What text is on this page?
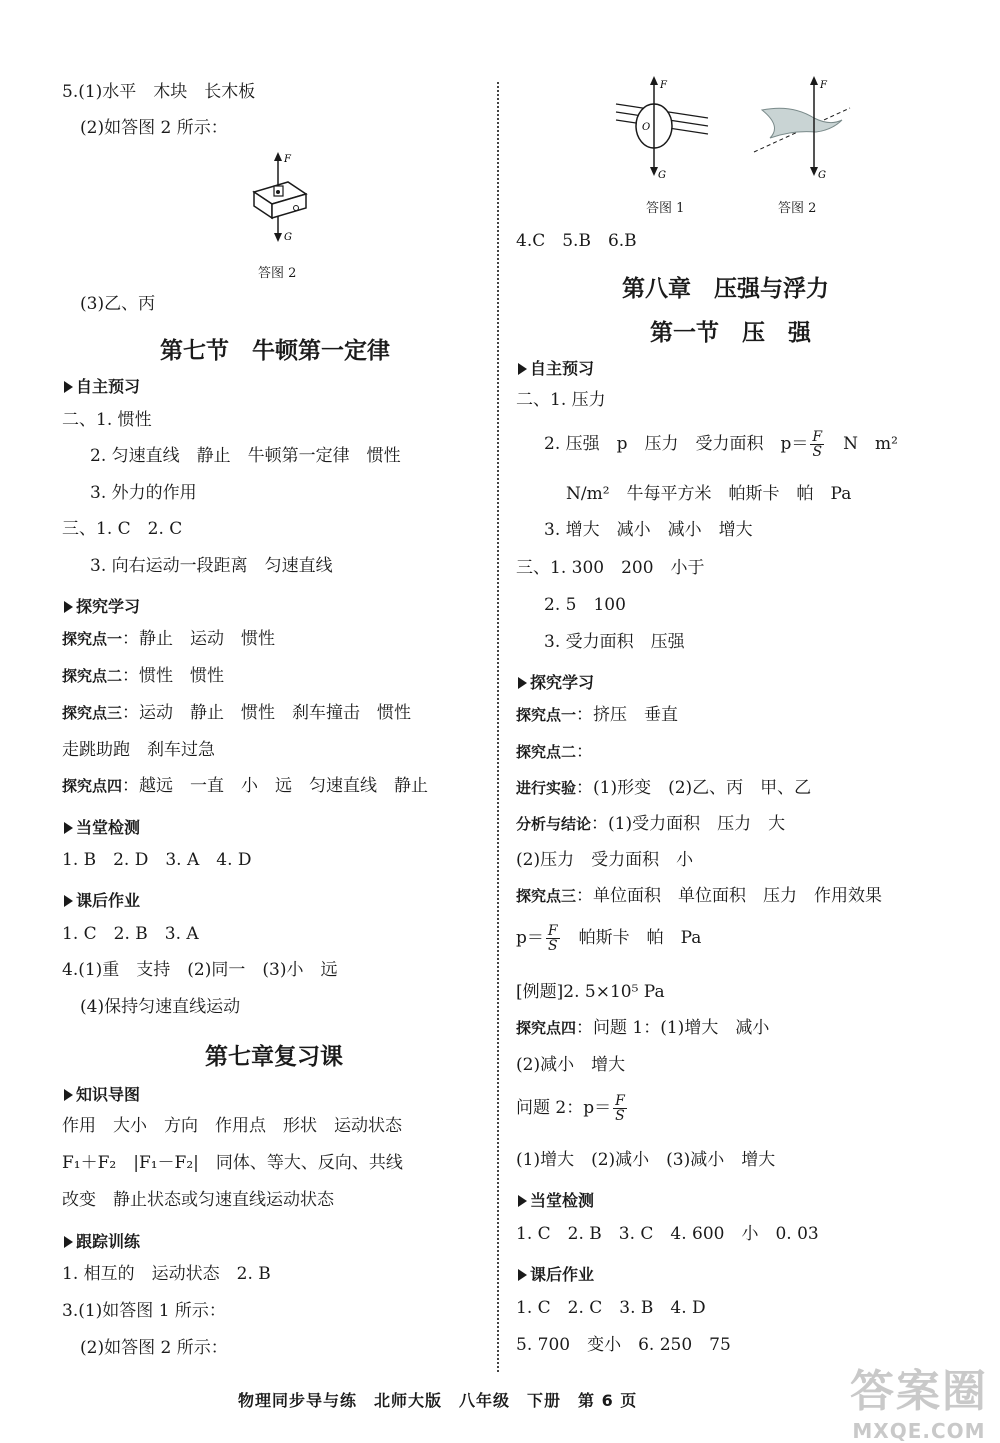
5.(1)水平　木块　长木板
(2)如答图 2 所示：
F
G
答图 2
(3)乙、丙
第七节　牛顿第一定律
自主预习
二、1. 惯性
2. 匀速直线　静止　牛顿第一定律　惯性
3. 外力的作用
三、1. C　2. C
3. 向右运动一段距离　匀速直线
探究学习
探究点一：静止　运动　惯性
探究点二：惯性　惯性
探究点三：运动　静止　惯性　刹车撞击　惯性
走跳助跑　刹车过急
探究点四：越远　一直　小　远　匀速直线　静止
当堂检测
1. B　2. D　3. A　4. D
课后作业
1. C　2. B　3. A
4.(1)重　支持　(2)同一　(3)小　远
(4)保持匀速直线运动
第七章复习课
知识导图
作用　大小　方向　作用点　形状　运动状态
F₁＋F₂　|F₁－F₂|　同体、等大、反向、共线
改变　静止状态或匀速直线运动状态
跟踪训练
1. 相互的　运动状态　2. B
3.(1)如答图 1 所示：
(2)如答图 2 所示：
F
O
G
F
G
答图 1	答图 2
4.C　5.B　6.B
第八章　压强与浮力
第一节　压　强
自主预习
二、1. 压力
2. 压强　p　压力　受力面积　$p= \frac{F}{S}$ 　N　m²
N/m²　牛每平方米　帕斯卡　帕　Pa
3. 增大　减小　减小　增大
三、1. 300　200　小于
2. 5　100
3. 受力面积　压强
探究学习
探究点一：挤压　垂直
探究点二：
进行实验：(1)形变　(2)乙、丙　甲、乙
分析与结论：(1)受力面积　压力　大
(2)压力　受力面积　小
探究点三：单位面积　单位面积　压力　作用效果
$p= \frac{F}{S}$ 　帕斯卡　帕　Pa
[例题]2. 5×10⁵ Pa
探究点四：问题 1：(1)增大　减小
(2)减小　增大
问题 2：$p= \frac{F}{S}$
(1)增大　(2)减小　(3)减小　增大
当堂检测
1. C　2. B　3. C　4. 600　小　0. 03
课后作业
1. C　2. C　3. B　4. D
5. 700　变小　6. 250　75
物理同步导与练　北师大版　八年级　下册　第 6 页	答案圈
MXQE.COM
